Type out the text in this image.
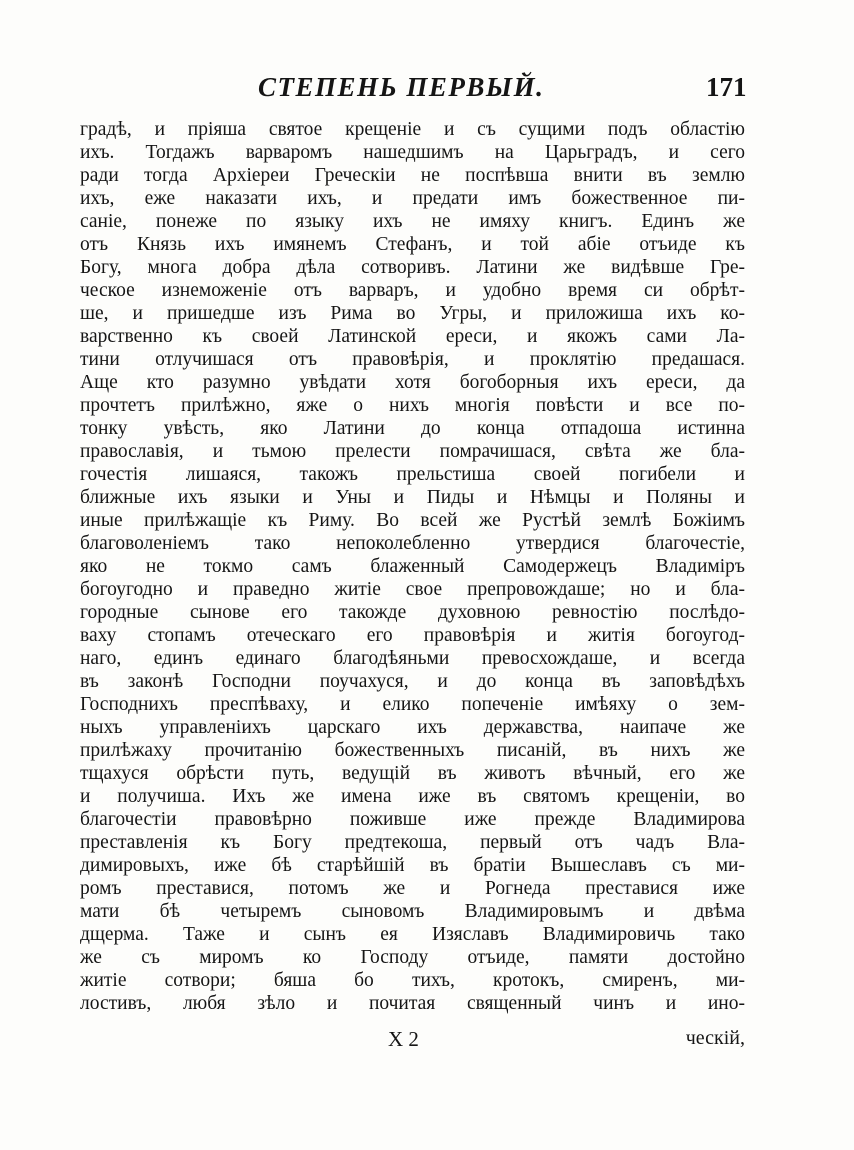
СТЕПЕНЬ ПЕРВЫЙ.	171
градѣ, и пріяша святое крещеніе и съ сущими подъ областію
ихъ. Тогдажъ варваромъ нашедшимъ на Царьградъ, и сего
ради тогда Архіереи Греческіи не поспѣвша внити въ землю
ихъ, еже наказати ихъ, и предати имъ божественное пи-
саніе, понеже по языку ихъ не имяху книгъ. Единъ же
отъ Князь ихъ имянемъ Стефанъ, и той абіе отъиде къ
Богу, многа добра дѣла сотворивъ. Латини же видѣвше Гре-
ческое изнеможеніе отъ варваръ, и удобно время си обрѣт-
ше, и пришедше изъ Рима во Угры, и приложиша ихъ ко-
варственно къ своей Латинской ереси, и якожъ сами Ла-
тини отлучишася отъ правовѣрія, и проклятію предашася.
Аще кто разумно увѣдати хотя богоборныя ихъ ереси, да
прочтетъ прилѣжно, яже о нихъ многія повѣсти и все по-
тонку увѣсть, яко Латини до конца отпадоша истинна
православія, и тьмою прелести помрачишася, свѣта же бла-
гочестія лишаяся, такожъ прельстиша своей погибели и
ближные ихъ языки и Уны и Пиды и Нѣмцы и Поляны и
иные прилѣжащіе къ Риму. Во всей же Рустѣй землѣ Божіимъ
благоволеніемъ тако непоколебленно утвердися благочестіе,
яко не токмо самъ блаженный Самодержецъ Владиміръ
богоугодно и праведно житіе свое препровождаше; но и бла-
городные сынове его такожде духовною ревностію послѣдо-
ваху стопамъ отеческаго его правовѣрія и житія богоугод-
наго, единъ единаго благодѣяньми превосхождаше, и всегда
въ законѣ Господни поучахуся, и до конца въ заповѣдѣхъ
Господнихъ преспѣваху, и елико попеченіе имѣяху о зем-
ныхъ управленіихъ царскаго ихъ державства, наипаче же
прилѣжаху прочитанію божественныхъ писаній, въ нихъ же
тщахуся обрѣсти путь, ведущій въ животъ вѣчный, его же
и получиша. Ихъ же имена иже въ святомъ крещеніи, во
благочестіи правовѣрно поживше иже прежде Владимирова
преставленія къ Богу предтекоша, первый отъ чадъ Вла-
димировыхъ, иже бѣ старѣйшій въ братіи Вышеславъ съ ми-
ромъ преставися, потомъ же и Рогнеда преставися иже
мати бѣ четыремъ сыновомъ Владимировымъ и двѣма
дщерма. Таже и сынъ ея Изяславъ Владимировичь тако
же съ миромъ ко Господу отъиде, памяти достойно
житіе сотвори; бяша бо тихъ, кротокъ, смиренъ, ми-
лостивъ, любя зѣло и почитая священный чинъ и ино-
X 2	ческій,
